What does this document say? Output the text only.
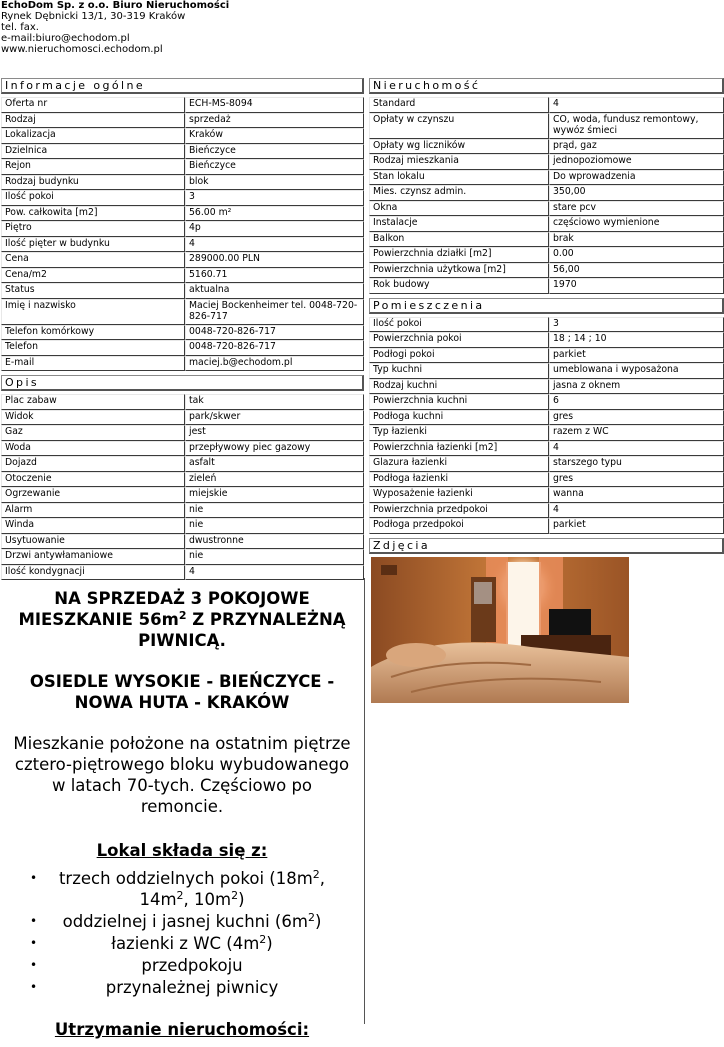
EchoDom Sp. z o.o. Biuro Nieruchomości
Rynek Dębnicki 13/1, 30-319 Kraków
tel. fax.
e-mail:biuro@echodom.pl
www.nieruchomosci.echodom.pl
Informacje ogólne
Oferta nr	ECH-MS-8094
Rodzaj	sprzedaż
Lokalizacja	Kraków
Dzielnica	Bieńczyce
Rejon	Bieńczyce
Rodzaj budynku	blok
Ilość pokoi	3
Pow. całkowita [m2]	56.00 m²
Piętro	4p
Ilość pięter w budynku	4
Cena	289000.00 PLN
Cena/m2	5160.71
Status	aktualna
Imię i nazwisko	Maciej Bockenheimer tel. 0048-720-826-717
Telefon komórkowy	0048-720-826-717
Telefon	0048-720-826-717
E-mail	maciej.b@echodom.pl
Opis
Plac zabaw	tak
Widok	park/skwer
Gaz	jest
Woda	przepływowy piec gazowy
Dojazd	asfalt
Otoczenie	zieleń
Ogrzewanie	miejskie
Alarm	nie
Winda	nie
Usytuowanie	dwustronne
Drzwi antywłamaniowe	nie
Ilość kondygnacji	4
Nieruchomość
Standard	4
Opłaty w czynszu	CO, woda, fundusz remontowy, wywóz śmieci
Opłaty wg liczników	prąd, gaz
Rodzaj mieszkania	jednopoziomowe
Stan lokalu	Do wprowadzenia
Mies. czynsz admin.	350,00
Okna	stare pcv
Instalacje	częściowo wymienione
Balkon	brak
Powierzchnia działki [m2]	0.00
Powierzchnia użytkowa [m2]	56,00
Rok budowy	1970
Pomieszczenia
Ilość pokoi	3
Powierzchnia pokoi	18 ; 14 ; 10
Podłogi pokoi	parkiet
Typ kuchni	umeblowana i wyposażona
Rodzaj kuchni	jasna z oknem
Powierzchnia kuchni	6
Podłoga kuchni	gres
Typ łazienki	razem z WC
Powierzchnia łazienki [m2]	4
Glazura łazienki	starszego typu
Podłoga łazienki	gres
Wyposażenie łazienki	wanna
Powierzchnia przedpokoi	4
Podłoga przedpokoi	parkiet
Zdjęcia
NA SPRZEDAŻ 3 POKOJOWE MIESZKANIE $56m^2$ Z PRZYNALEŻNĄ PIWNICĄ.
OSIEDLE WYSOKIE - BIEŃCZYCE - NOWA HUTA - KRAKÓW

Mieszkanie położone na ostatnim piętrze cztero-piętrowego bloku wybudowanego w latach 70-tych. Częściowo po remoncie.

Lokal składa się z:
• trzech oddzielnych pokoi ($18m^2$, $14m^2$, $10m^2$)
• oddzielnej i jasnej kuchni $(6m^2)$
•	łazienki z WC $(4m^2)$
•	przedpokoju
•	przynależnej piwnicy
Utrzymanie nieruchomości:
